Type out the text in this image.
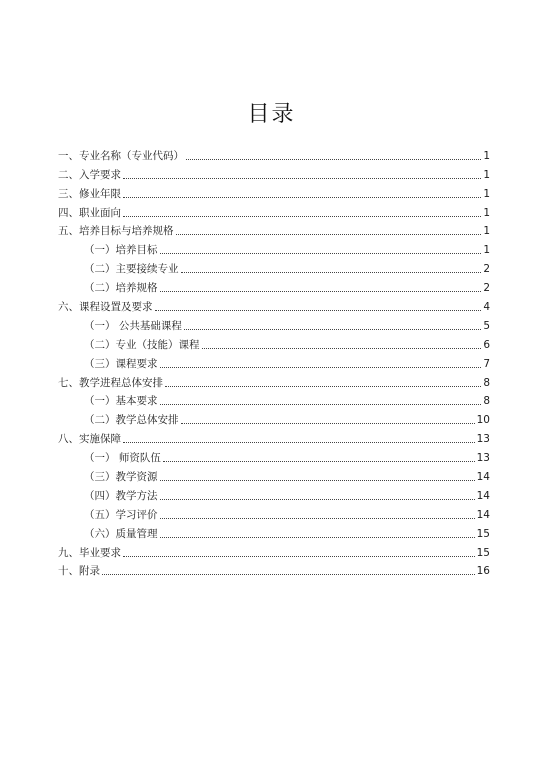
目录
一、专业名称（专业代码）	1
二、入学要求	1
三、修业年限	1
四、职业面向	1
五、培养目标与培养规格	1
（一）培养目标	1
（二）主要接续专业	2
（二）培养规格	2
六、课程设置及要求	4
（一） 公共基础课程	5
（二）专业（技能）课程	6
（三）课程要求	7
七、教学进程总体安排	8
（一）基本要求	8
（二）教学总体安排	10
八、实施保障	13
（一） 师资队伍	13
（三）教学资源	14
（四）教学方法	14
（五）学习评价	14
（六）质量管理	15
九、毕业要求	15
十、附录	16
